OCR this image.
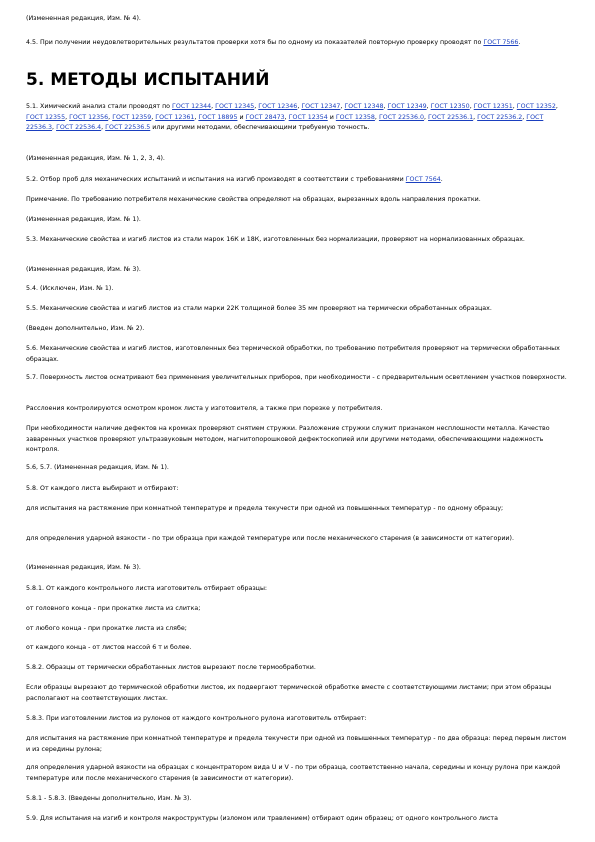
(Измененная редакция, Изм. № 4).

4.5. При получении неудовлетворительных результатов проверки хотя бы по одному из показателей повторную проверку проводят по ГОСТ 7566.

5. МЕТОДЫ ИСПЫТАНИЙ

5.1. Химический анализ стали проводят по ГОСТ 12344, ГОСТ 12345, ГОСТ 12346, ГОСТ 12347, ГОСТ 12348, ГОСТ 12349, ГОСТ 12350, ГОСТ 12351, ГОСТ 12352, ГОСТ 12355, ГОСТ 12356, ГОСТ 12359, ГОСТ 12361, ГОСТ 18895 и ГОСТ 28473, ГОСТ 12354 и ГОСТ 12358, ГОСТ 22536.0, ГОСТ 22536.1, ГОСТ 22536.2, ГОСТ 22536.3, ГОСТ 22536.4, ГОСТ 22536.5 или другими методами, обеспечивающими требуемую точность.

(Измененная редакция, Изм. № 1, 2, 3, 4).

5.2. Отбор проб для механических испытаний и испытания на изгиб производят в соответствии с требованиями ГОСТ 7564.

Примечание. По требованию потребителя механические свойства определяют на образцах, вырезанных вдоль направления прокатки.

(Измененная редакция, Изм. № 1).

5.3. Механические свойства и изгиб листов из стали марок 16К и 18К, изготовленных без нормализации, проверяют на нормализованных образцах.

(Измененная редакция, Изм. № 3).

5.4. (Исключен, Изм. № 1).

5.5. Механические свойства и изгиб листов из стали марки 22К толщиной более 35 мм проверяют на термически обработанных образцах.

(Введен дополнительно, Изм. № 2).

5.6. Механические свойства и изгиб листов, изготовленных без термической обработки, по требованию потребителя проверяют на термически обработанных образцах.

5.7. Поверхность листов осматривают без применения увеличительных приборов, при необходимости - с предварительным осветлением участков поверхности.

Расслоения контролируются осмотром кромок листа у изготовителя, а также при порезке у потребителя.

При необходимости наличие дефектов на кромках проверяют снятием стружки. Разложение стружки служит признаком несплошности металла. Качество заваренных участков проверяют ультразвуковым методом, магнитопорошковой дефектоскопией или другими методами, обеспечивающими надежность контроля.

5.6, 5.7. (Измененная редакция, Изм. № 1).

5.8. От каждого листа выбирают и отбирают:

для испытания на растяжение при комнатной температуре и предела текучести при одной из повышенных температур - по одному образцу;

для определения ударной вязкости - по три образца при каждой температуре или после механического старения (в зависимости от категории).

(Измененная редакция, Изм. № 3).

5.8.1. От каждого контрольного листа изготовитель отбирает образцы:

от головного конца - при прокатке листа из слитка;

от любого конца - при прокатке листа из слябе;

от каждого конца - от листов массой 6 т и более.

5.8.2. Образцы от термически обработанных листов вырезают после термообработки.

Если образцы вырезают до термической обработки листов, их подвергают термической обработке вместе с соответствующими листами; при этом образцы располагают на соответствующих листах.

5.8.3. При изготовлении листов из рулонов от каждого контрольного рулона изготовитель отбирает:

для испытания на растяжение при комнатной температуре и предела текучести при одной из повышенных температур - по два образца: перед первым листом и из середины рулона;

для определения ударной вязкости на образцах с концентратором вида U и V - по три образца, соответственно начала, середины и концу рулона при каждой температуре или после механического старения (в зависимости от категории).

5.8.1 - 5.8.3. (Введены дополнительно, Изм. № 3).

5.9. Для испытания на изгиб и контроля макроструктуры (изломом или травлением) отбирают один образец; от одного контрольного листа
